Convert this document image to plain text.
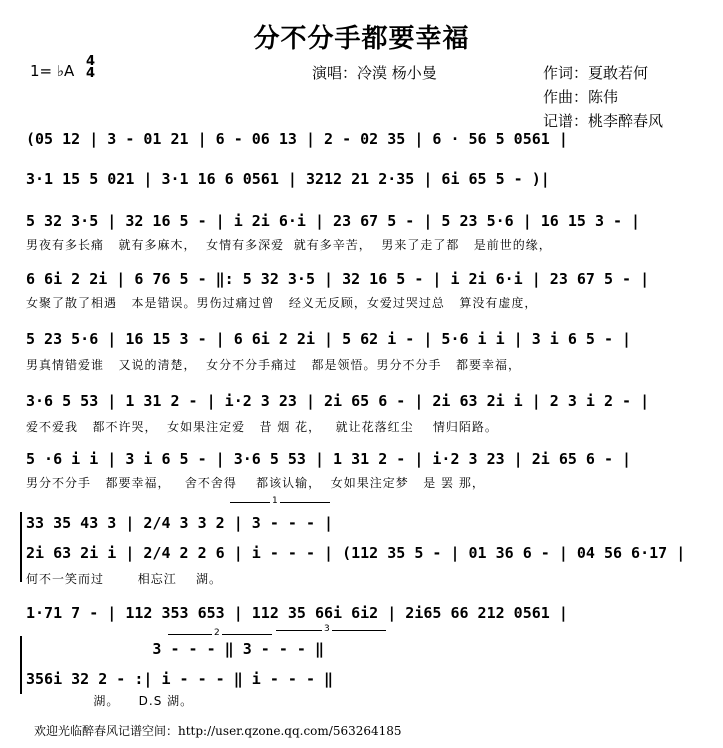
分不分手都要幸福
1= ♭A
4
4	演唱：冷漠 杨小曼	作词：夏敢若何
作曲：陈伟
记谱：桃李醉春风
(05 12 | 3 - 01 21 | 6 - 06 13 | 2 - 02 35 | 6 · 56 5 0561 |
3·1 15 5 021 | 3·1 16 6 0561 | 3212 21 2·35 | 6i 65 5 - )|
5 32 3·5 | 32 16 5 - | i 2i 6·i | 23 67 5 - | 5 23 5·6 | 16 15 3 - |
男夜有多长痛   就有多麻木，  女情有多深爱  就有多辛苦，  男来了走了都   是前世的缘，
6 6i 2 2i | 6 76 5 - ‖: 5 32 3·5 | 32 16 5 - | i 2i 6·i | 23 67 5 - |
女聚了散了相遇   本是错误。男伤过痛过曾   经义无反顾，女爱过哭过总   算没有虚度，
5 23 5·6 | 16 15 3 - | 6 6i 2 2i | 5 62 i - | 5·6 i i | 3 i 6 5 - |
男真情错爱谁   又说的清楚，  女分不分手痛过   都是领悟。男分不分手   都要幸福，
3·6 5 53 | 1 31 2 - | i·2 3 23 | 2i 65 6 - | 2i 63 2i i | 2 3 i 2 - |
爱不爱我   都不许哭，  女如果注定爱   昔 烟 花，   就让花落红尘    情归陌路。
5 ·6 i i | 3 i 6 5 - | 3·6 5 53 | 1 31 2 - | i·2 3 23 | 2i 65 6 - |
男分不分手   都要幸福，   舍不舍得    都该认输，  女如果注定梦   是 罢 那，
1
33 35 43 3 | 2/4 3 3 2 | 3 - - - |
2i 63 2i i | 2/4 2 2 6 | i - - - | (112 35 5 - | 01 36 6 - | 04 56 6·17 |
何不一笑而过       相忘江    湖。
1·71 7 - | 112 353 653 | 112 35 66i 6i2 | 2i65 66 212 0561 |
2	3
3 - - - ‖ 3 - - - ‖
356i 32 2 - :| i - - - ‖ i - - - ‖
湖。    D.S 湖。
欢迎光临醉春风记谱空间：http://user.qzone.qq.com/563264185
